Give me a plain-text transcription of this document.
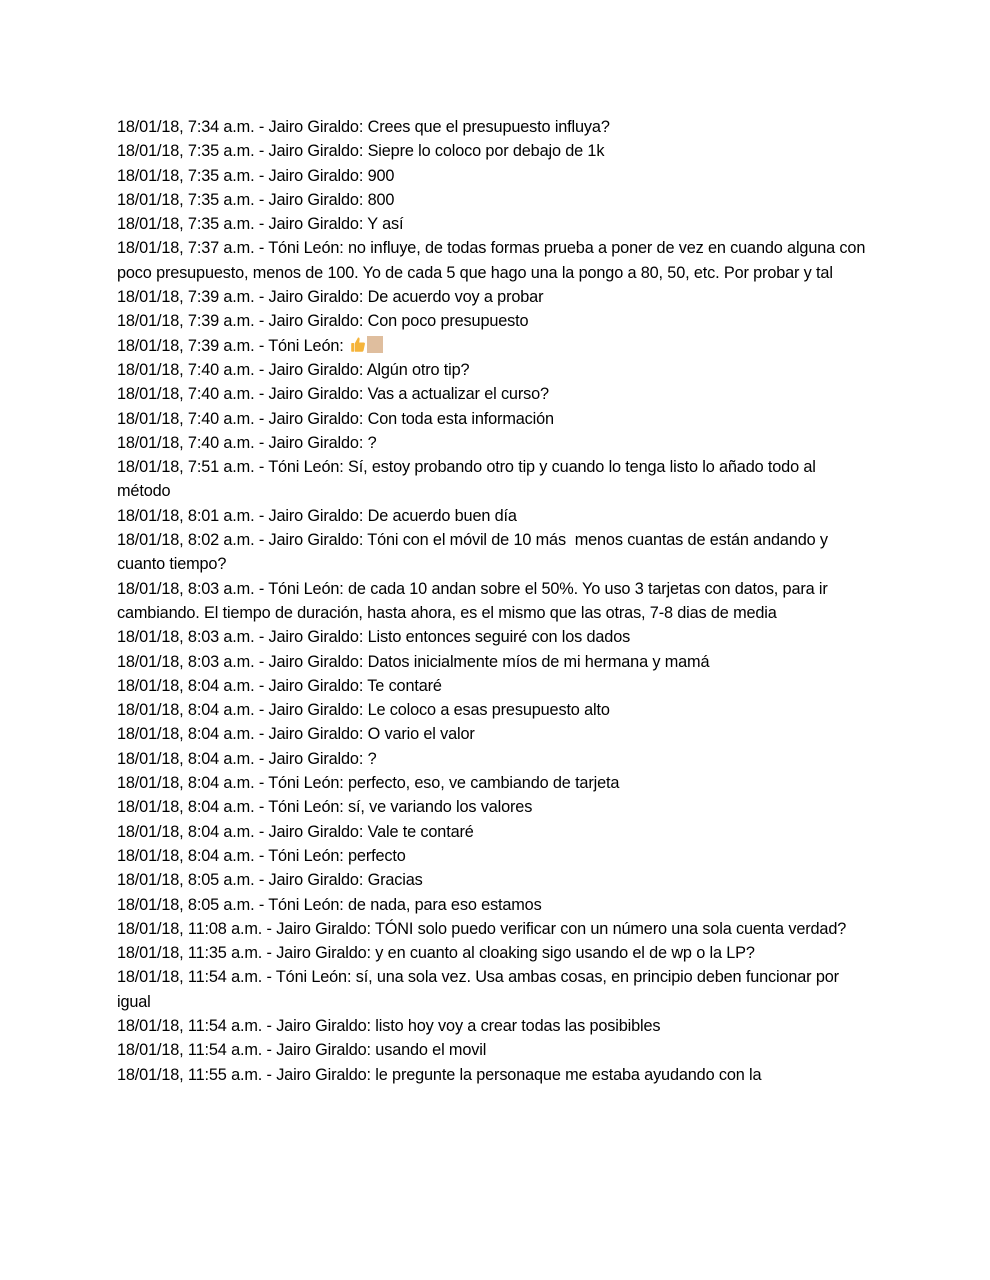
18/01/18, 7:34 a.m. - Jairo Giraldo: Crees que el presupuesto influya?

18/01/18, 7:35 a.m. - Jairo Giraldo: Siepre lo coloco por debajo de 1k

18/01/18, 7:35 a.m. - Jairo Giraldo: 900

18/01/18, 7:35 a.m. - Jairo Giraldo: 800

18/01/18, 7:35 a.m. - Jairo Giraldo: Y así

18/01/18, 7:37 a.m. - Tóni León: no influye, de todas formas prueba a poner de vez en cuando alguna con poco presupuesto, menos de 100. Yo de cada 5 que hago una la pongo a 80, 50, etc. Por probar y tal

18/01/18, 7:39 a.m. - Jairo Giraldo: De acuerdo voy a probar

18/01/18, 7:39 a.m. - Jairo Giraldo: Con poco presupuesto

18/01/18, 7:39 a.m. - Tóni León:

18/01/18, 7:40 a.m. - Jairo Giraldo: Algún otro tip?

18/01/18, 7:40 a.m. - Jairo Giraldo: Vas a actualizar el curso?

18/01/18, 7:40 a.m. - Jairo Giraldo: Con toda esta información

18/01/18, 7:40 a.m. - Jairo Giraldo: ?

18/01/18, 7:51 a.m. - Tóni León: Sí, estoy probando otro tip y cuando lo tenga listo lo añado todo al método

18/01/18, 8:01 a.m. - Jairo Giraldo: De acuerdo buen día

18/01/18, 8:02 a.m. - Jairo Giraldo: Tóni con el móvil de 10 más  menos cuantas de están andando y cuanto tiempo?

18/01/18, 8:03 a.m. - Tóni León: de cada 10 andan sobre el 50%. Yo uso 3 tarjetas con datos, para ir cambiando. El tiempo de duración, hasta ahora, es el mismo que las otras, 7-8 dias de media

18/01/18, 8:03 a.m. - Jairo Giraldo: Listo entonces seguiré con los dados

18/01/18, 8:03 a.m. - Jairo Giraldo: Datos inicialmente míos de mi hermana y mamá

18/01/18, 8:04 a.m. - Jairo Giraldo: Te contaré

18/01/18, 8:04 a.m. - Jairo Giraldo: Le coloco a esas presupuesto alto

18/01/18, 8:04 a.m. - Jairo Giraldo: O vario el valor

18/01/18, 8:04 a.m. - Jairo Giraldo: ?

18/01/18, 8:04 a.m. - Tóni León: perfecto, eso, ve cambiando de tarjeta

18/01/18, 8:04 a.m. - Tóni León: sí, ve variando los valores

18/01/18, 8:04 a.m. - Jairo Giraldo: Vale te contaré

18/01/18, 8:04 a.m. - Tóni León: perfecto

18/01/18, 8:05 a.m. - Jairo Giraldo: Gracias

18/01/18, 8:05 a.m. - Tóni León: de nada, para eso estamos

18/01/18, 11:08 a.m. - Jairo Giraldo: TÓNI solo puedo verificar con un número una sola cuenta verdad?

18/01/18, 11:35 a.m. - Jairo Giraldo: y en cuanto al cloaking sigo usando el de wp o la LP?

18/01/18, 11:54 a.m. - Tóni León: sí, una sola vez. Usa ambas cosas, en principio deben funcionar por igual

18/01/18, 11:54 a.m. - Jairo Giraldo: listo hoy voy a crear todas las posibibles

18/01/18, 11:54 a.m. - Jairo Giraldo: usando el movil

18/01/18, 11:55 a.m. - Jairo Giraldo: le pregunte la personaque me estaba ayudando con la
